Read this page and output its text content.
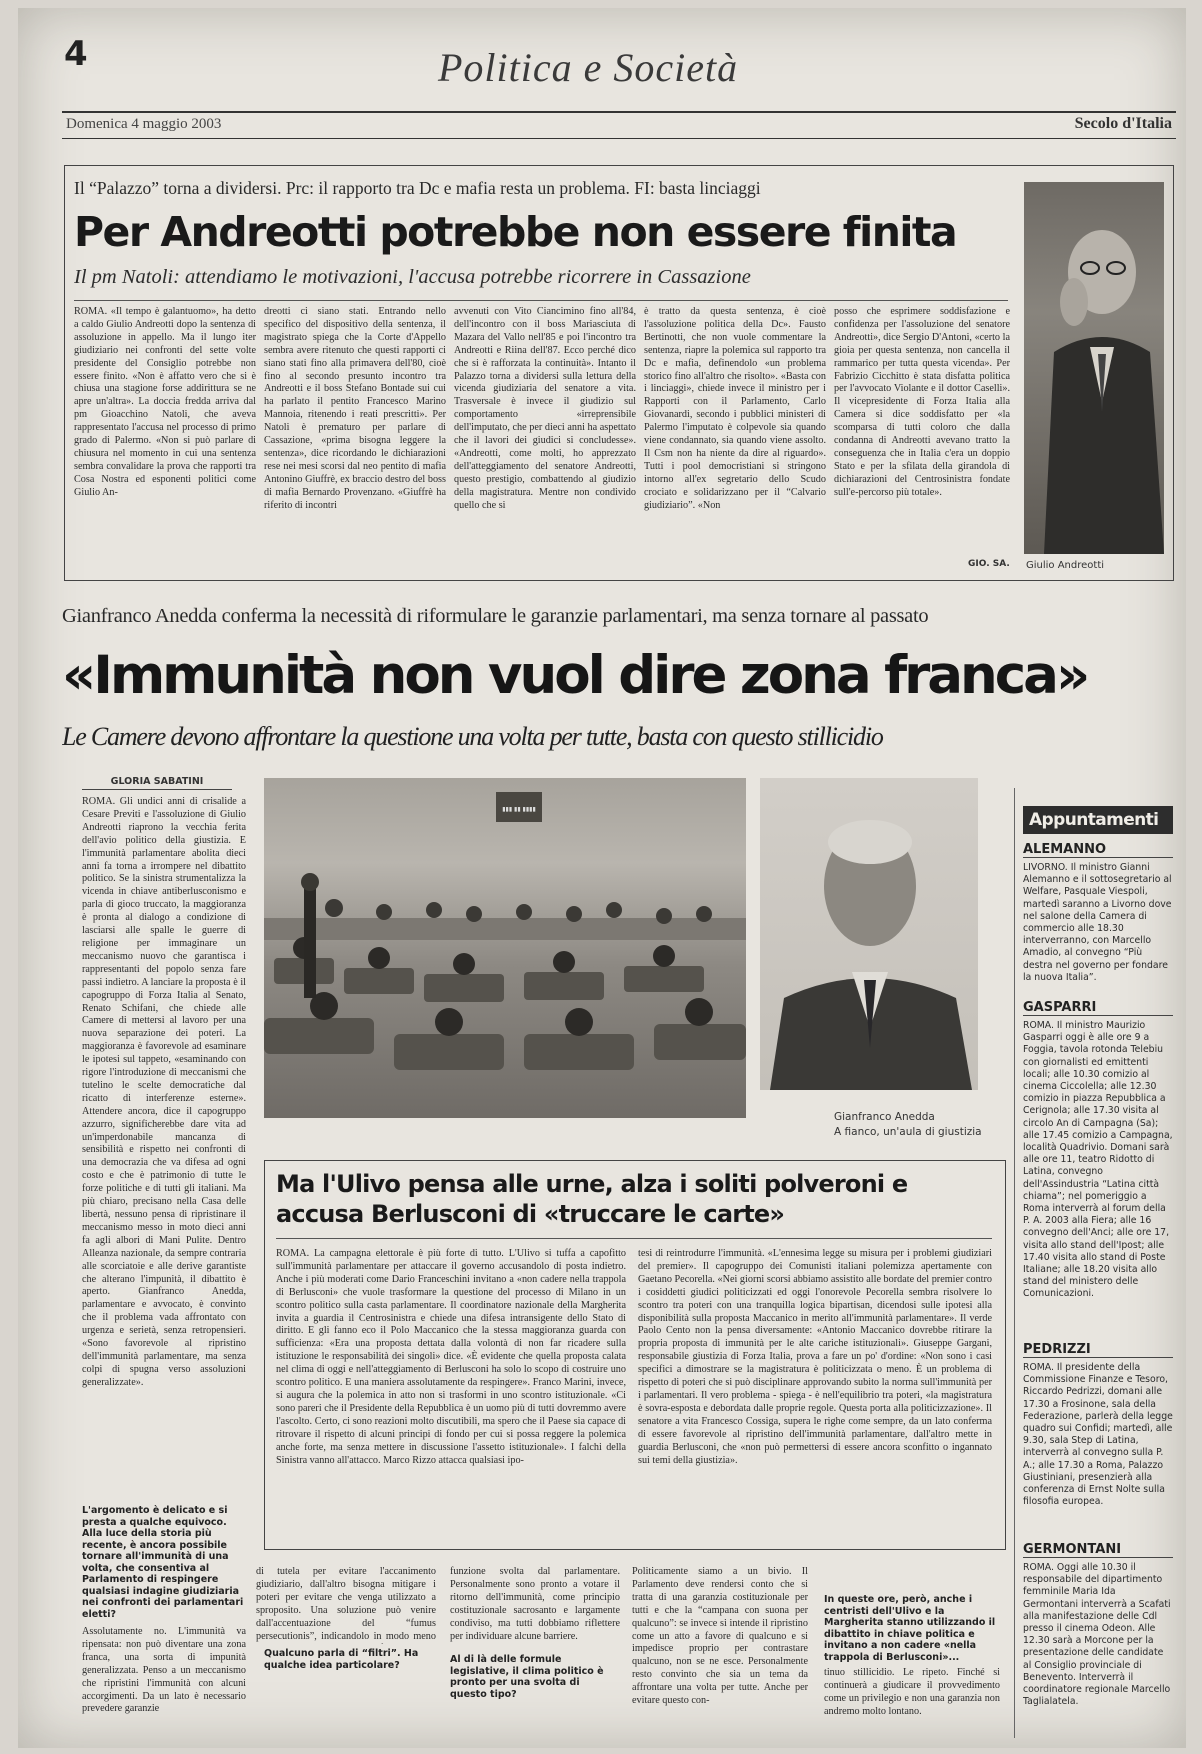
4	Politica e Società
Domenica 4 maggio 2003	Secolo d'Italia
Il “Palazzo” torna a dividersi. Prc: il rapporto tra Dc e mafia resta un problema. FI: basta linciaggi
Per Andreotti potrebbe non essere finita
Il pm Natoli: attendiamo le motivazioni, l'accusa potrebbe ricorrere in Cassazione
ROMA. «Il tempo è galantuomo», ha detto a caldo Giulio Andreotti dopo la sentenza di assoluzione in appello. Ma il lungo iter giudiziario nei confronti del sette volte presidente del Consiglio potrebbe non essere finito. «Non è affatto vero che si è chiusa una stagione forse addirittura se ne apre un'altra». La doccia fredda arriva dal pm Gioacchino Natoli, che aveva rappresentato l'accusa nel processo di primo grado di Palermo. «Non si può parlare di chiusura nel momento in cui una sentenza sembra convalidare la prova che rapporti tra Cosa Nostra ed esponenti politici come Giulio An-
dreotti ci siano stati. Entrando nello specifico del dispositivo della sentenza, il magistrato spiega che la Corte d'Appello sembra avere ritenuto che questi rapporti ci siano stati fino alla primavera dell'80, cioè fino al secondo presunto incontro tra Andreotti e il boss Stefano Bontade sui cui ha parlato il pentito Francesco Marino Mannoia, ritenendo i reati prescritti». Per Natoli è prematuro per parlare di Cassazione, «prima bisogna leggere la sentenza», dice ricordando le dichiarazioni rese nei mesi scorsi dal neo pentito di mafia Antonino Giuffrè, ex braccio destro del boss di mafia Bernardo Provenzano. «Giuffrè ha riferito di incontri
avvenuti con Vito Ciancimino fino all'84, dell'incontro con il boss Mariasciuta di Mazara del Vallo nell'85 e poi l'incontro tra Andreotti e Riina dell'87. Ecco perché dico che si è rafforzata la continuità». Intanto il Palazzo torna a dividersi sulla lettura della vicenda giudiziaria del senatore a vita. Trasversale è invece il giudizio sul comportamento «irreprensibile dell'imputato, che per dieci anni ha aspettato che il lavori dei giudici si concludesse». «Andreotti, come molti, ho apprezzato dell'atteggiamento del senatore Andreotti, questo prestigio, combattendo al giudizio della magistratura. Mentre non condivido quello che si
è tratto da questa sentenza, è cioè l'assoluzione politica della Dc». Fausto Bertinotti, che non vuole commentare la sentenza, riapre la polemica sul rapporto tra Dc e mafia, definendolo «un problema storico fino all'altro che risolto». «Basta con i linciaggi», chiede invece il ministro per i Rapporti con il Parlamento, Carlo Giovanardi, secondo i pubblici ministeri di Palermo l'imputato è colpevole sia quando viene condannato, sia quando viene assolto. Il Csm non ha niente da dire al riguardo». Tutti i pool democristiani si stringono intorno all'ex segretario dello Scudo crociato e solidarizzano per il “Calvario giudiziario”. «Non
posso che esprimere soddisfazione e confidenza per l'assoluzione del senatore Andreotti», dice Sergio D'Antoni, «certo la gioia per questa sentenza, non cancella il rammarico per tutta questa vicenda». Per Fabrizio Cicchitto è stata disfatta politica per l'avvocato Violante e il dottor Caselli». Il vicepresidente di Forza Italia alla Camera si dice soddisfatto per «la scomparsa di tutti coloro che dalla condanna di Andreotti avevano tratto la conseguenza che in Italia c'era un doppio Stato e per la sfilata della girandola di dichiarazioni del Centrosinistra fondate sull'e-percorso più totale».
GIO. SA. Giulio Andreotti
Gianfranco Anedda conferma la necessità di riformulare le garanzie parlamentari, ma senza tornare al passato
«Immunità non vuol dire zona franca»
Le Camere devono affrontare la questione una volta per tutte, basta con questo stillicidio
GLORIA SABATINI
ROMA. Gli undici anni di crisalide a Cesare Previti e l'assoluzione di Giulio Andreotti riaprono la vecchia ferita dell'avio politico della giustizia. E l'immunità parlamentare abolita dieci anni fa torna a irrompere nel dibattito politico. Se la sinistra strumentalizza la vicenda in chiave antiberlusconismo e parla di gioco truccato, la maggioranza è pronta al dialogo a condizione di lasciarsi alle spalle le guerre di religione per immaginare un meccanismo nuovo che garantisca i rappresentanti del popolo senza fare passi indietro. A lanciare la proposta è il capogruppo di Forza Italia al Senato, Renato Schifani, che chiede alle Camere di mettersi al lavoro per una nuova separazione dei poteri. La maggioranza è favorevole ad esaminare le ipotesi sul tappeto, «esaminando con rigore l'introduzione di meccanismi che tutelino le scelte democratiche dal ricatto di interferenze esterne». Attendere ancora, dice il capogruppo azzurro, significherebbe dare vita ad un'imperdonabile mancanza di sensibilità e rispetto nei confronti di una democrazia che va difesa ad ogni costo e che è patrimonio di tutte le forze politiche e di tutti gli italiani. Ma più chiaro, precisano nella Casa delle libertà, nessuno pensa di ripristinare il meccanismo messo in moto dieci anni fa agli albori di Mani Pulite. Dentro Alleanza nazionale, da sempre contraria alle scorciatoie e alle derive garantiste che alterano l'impunità, il dibattito è aperto. Gianfranco Anedda, parlamentare e avvocato, è convinto che il problema vada affrontato con urgenza e serietà, senza retropensieri. «Sono favorevole al ripristino dell'immunità parlamentare, ma senza colpi di spugna verso assoluzioni generalizzate».
L'argomento è delicato e si presta a qualche equivoco. Alla luce della storia più recente, è ancora possibile tornare all'immunità di una volta, che consentiva al Parlamento di respingere qualsiasi indagine giudiziaria nei confronti dei parlamentari eletti?
Assolutamente no. L'immunità va ripensata: non può diventare una zona franca, una sorta di impunità generalizzata. Penso a un meccanismo che ripristini l'immunità con alcuni accorgimenti. Da un lato è necessario prevedere garanzie
▮▮▮ ▮▮ ▮▮▮▮
Gianfranco Anedda
A fianco, un'aula di giustizia
Ma l'Ulivo pensa alle urne, alza i soliti polveroni e accusa Berlusconi di «truccare le carte»
ROMA. La campagna elettorale è più forte di tutto. L'Ulivo si tuffa a capofitto sull'immunità parlamentare per attaccare il governo accusandolo di posta indietro. Anche i più moderati come Dario Franceschini invitano a «non cadere nella trappola di Berlusconi» che vuole trasformare la questione del processo di Milano in un scontro politico sulla casta parlamentare. Il coordinatore nazionale della Margherita invita a guardia il Centrosinistra e chiede una difesa intransigente dello Stato di diritto. E gli fanno eco il Polo Maccanico che la stessa maggioranza guarda con sufficienza: «Era una proposta dettata dalla volontà di non far ricadere sulla istituzione le responsabilità dei singoli» dice. «È evidente che quella proposta calata nel clima di oggi e nell'atteggiamento di Berlusconi ha solo lo scopo di costruire uno scontro politico. E una maniera assolutamente da respingere». Franco Marini, invece, si augura che la polemica in atto non si trasformi in uno scontro istituzionale. «Ci sono pareri che il Presidente della Repubblica è un uomo più di tutti dovremmo avere l'ascolto. Certo, ci sono reazioni molto discutibili, ma spero che il Paese sia capace di ritrovare il rispetto di alcuni principi di fondo per cui si possa reggere la polemica anche forte, ma senza mettere in discussione l'assetto istituzionale». I falchi della Sinistra vanno all'attacco. Marco Rizzo attacca qualsiasi ipo-
tesi di reintrodurre l'immunità. «L'ennesima legge su misura per i problemi giudiziari del premier». Il capogruppo dei Comunisti italiani polemizza apertamente con Gaetano Pecorella. «Nei giorni scorsi abbiamo assistito alle bordate del premier contro i cosiddetti giudici politicizzati ed oggi l'onorevole Pecorella sembra risolvere lo scontro tra poteri con una tranquilla logica bipartisan, dicendosi sulle ipotesi alla disponibilità sulla proposta Maccanico in merito all'immunità parlamentare». Il verde Paolo Cento non la pensa diversamente: «Antonio Maccanico dovrebbe ritirare la propria proposta di immunità per le alte cariche istituzionali». Giuseppe Gargani, responsabile giustizia di Forza Italia, prova a fare un po' d'ordine: «Non sono i casi specifici a dimostrare se la magistratura è politicizzata o meno. È un problema di rispetto di poteri che si può disciplinare approvando subito la norma sull'immunità per i parlamentari. Il vero problema - spiega - è nell'equilibrio tra poteri, «la magistratura è sovra-esposta e debordata dalle proprie regole. Questa porta alla politicizzazione». Il senatore a vita Francesco Cossiga, supera le righe come sempre, da un lato conferma di essere favorevole al ripristino dell'immunità parlamentare, dall'altro mette in guardia Berlusconi, che «non può permettersi di essere ancora sconfitto o ingannato sui temi della giustizia».
di tutela per evitare l'accanimento giudiziario, dall'altro bisogna mitigare i poteri per evitare che venga utilizzato a sproposito. Una soluzione può venire dall'accentuazione del “fumus persecutionis”, indicandolo in modo meno
Qualcuno parla di “filtri”. Ha qualche idea particolare?
funzione svolta dal parlamentare. Personalmente sono pronto a votare il ritorno dell'immunità, come principio costituzionale sacrosanto e largamente condiviso, ma tutti dobbiamo riflettere per individuare alcune barriere.
Al di là delle formule legislative, il clima politico è pronto per una svolta di questo tipo?
Politicamente siamo a un bivio. Il Parlamento deve rendersi conto che si tratta di una garanzia costituzionale per tutti e che la “campana con suona per qualcuno”: se invece si intende il ripristino come un atto a favore di qualcuno e si impedisce proprio per contrastare qualcuno, non se ne esce. Personalmente resto convinto che sia un tema da affrontare una volta per tutte. Anche per evitare questo con-
In queste ore, però, anche i centristi dell'Ulivo e la Margherita stanno utilizzando il dibattito in chiave politica e invitano a non cadere «nella trappola di Berlusconi»...
tinuo stillicidio. Le ripeto. Finché si continuerà a giudicare il provvedimento come un privilegio e non una garanzia non andremo molto lontano.
Appuntamenti
ALEMANNO
LIVORNO. Il ministro Gianni Alemanno e il sottosegretario al Welfare, Pasquale Viespoli, martedì saranno a Livorno dove nel salone della Camera di commercio alle 18.30 interverranno, con Marcello Amadio, al convegno “Più destra nel governo per fondare la nuova Italia”.
GASPARRI
ROMA. Il ministro Maurizio Gasparri oggi è alle ore 9 a Foggia, tavola rotonda Telebiu con giornalisti ed emittenti locali; alle 10.30 comizio al cinema Ciccolella; alle 12.30 comizio in piazza Repubblica a Cerignola; alle 17.30 visita al circolo An di Campagna (Sa); alle 17.45 comizio a Campagna, località Quadrivio. Domani sarà alle ore 11, teatro Ridotto di Latina, convegno dell'Assindustria “Latina città chiama”; nel pomeriggio a Roma interverrà al forum della P. A. 2003 alla Fiera; alle 16 convegno dell'Anci; alle ore 17, visita allo stand dell'Ipost; alle 17.40 visita allo stand di Poste Italiane; alle 18.20 visita allo stand del ministero delle Comunicazioni.
PEDRIZZI
ROMA. Il presidente della Commissione Finanze e Tesoro, Riccardo Pedrizzi, domani alle 17.30 a Frosinone, sala della Federazione, parlerà della legge quadro sui Confidi; martedì, alle 9.30, sala Step di Latina, interverrà al convegno sulla P. A.; alle 17.30 a Roma, Palazzo Giustiniani, presenzierà alla conferenza di Ernst Nolte sulla filosofia europea.
GERMONTANI
ROMA. Oggi alle 10.30 il responsabile del dipartimento femminile Maria Ida Germontani interverrà a Scafati alla manifestazione delle Cdl presso il cinema Odeon. Alle 12.30 sarà a Morcone per la presentazione delle candidate al Consiglio provinciale di Benevento. Interverrà il coordinatore regionale Marcello Taglialatela.
